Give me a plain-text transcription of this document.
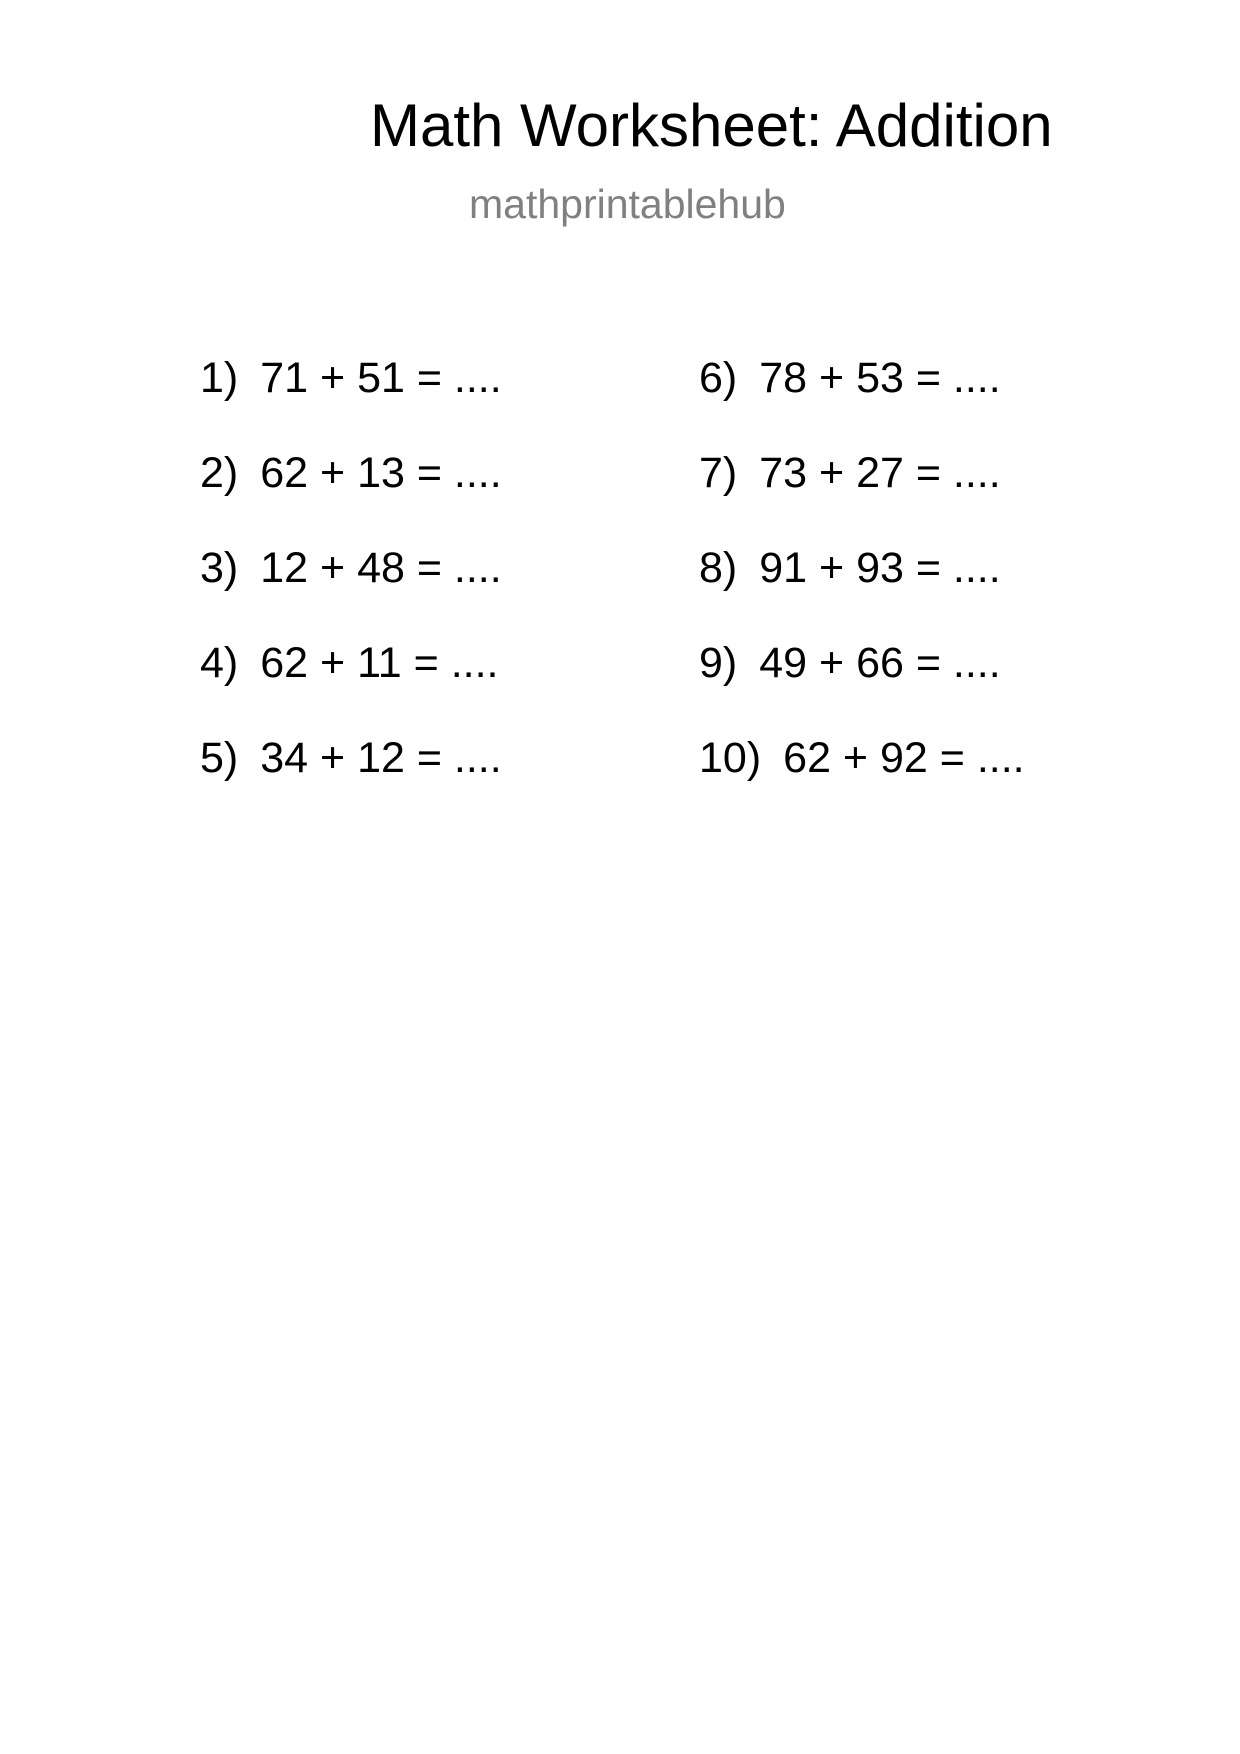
Math Worksheet: Addition
mathprintablehub
1) 71 + 51 = ....
2) 62 + 13 = ....
3) 12 + 48 = ....
4) 62 + 11 = ....
5) 34 + 12 = ....
6) 78 + 53 = ....
7) 73 + 27 = ....
8) 91 + 93 = ....
9) 49 + 66 = ....
10) 62 + 92 = ....
